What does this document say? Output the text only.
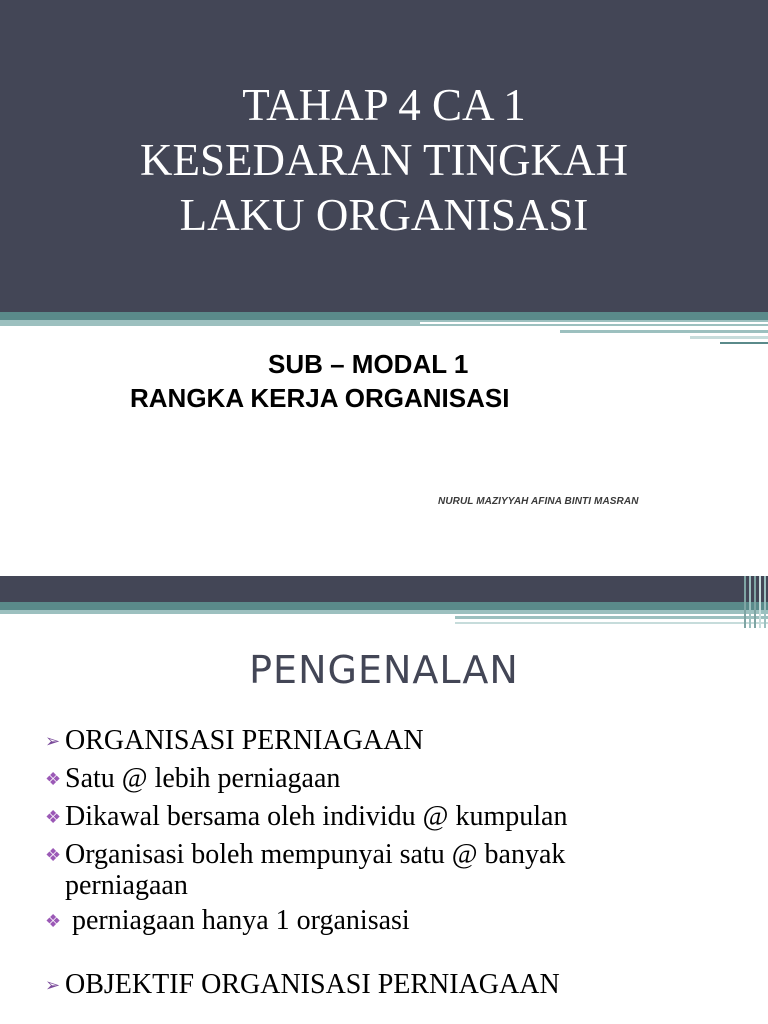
TAHAP 4 CA 1
KESEDARAN TINGKAH
LAKU ORGANISASI
SUB – MODAL 1
RANGKA KERJA ORGANISASI
NURUL MAZIYYAH AFINA BINTI MASRAN
PENGENALAN
➢ ORGANISASI PERNIAGAAN
❖ Satu @ lebih perniagaan
❖ Dikawal bersama oleh individu @ kumpulan
❖ Organisasi boleh mempunyai satu @ banyak
perniagaan
❖ perniagaan hanya 1 organisasi
➢ OBJEKTIF ORGANISASI PERNIAGAAN
